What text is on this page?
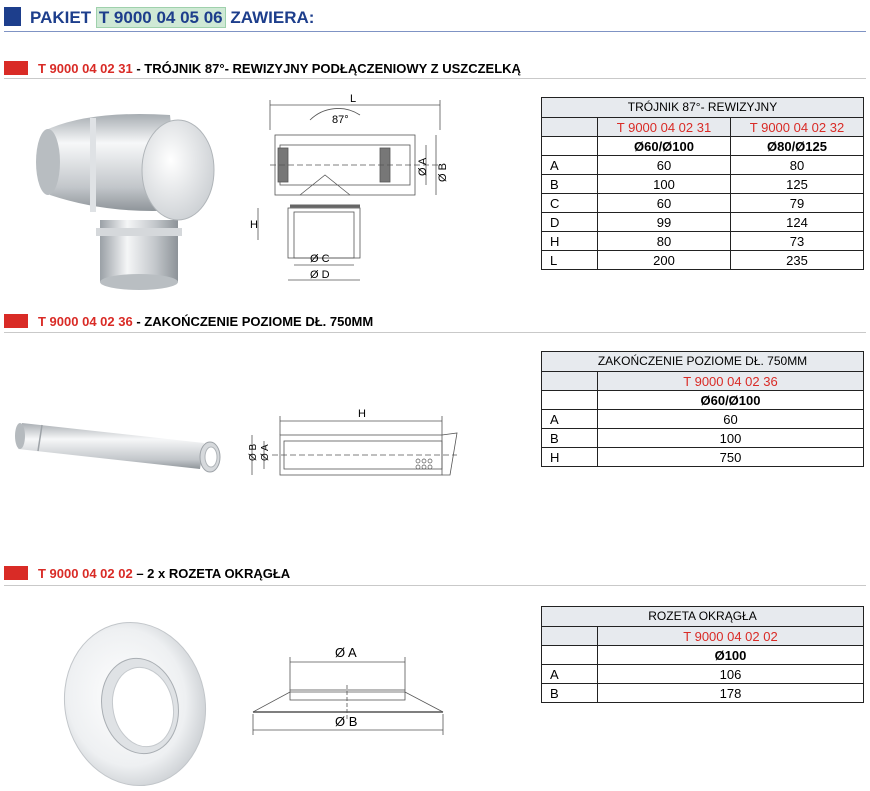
PAKIET T 9000 04 05 06 ZAWIERA:
T 9000 04 02 31 - TRÓJNIK 87°- REWIZYJNY PODŁĄCZENIOWY Z USZCZELKĄ
L
87°
H
Ø A Ø B
Ø C
Ø D
TRÓJNIK 87°- REWIZYJNY		
	T 9000 04 02 31	T 9000 04 02 32
	Ø60/Ø100	Ø80/Ø125
A	60	80
B	100	125
C	60	79
D	99	124
H	80	73
L	200	235
T 9000 04 02 36 - ZAKOŃCZENIE POZIOME DŁ. 750MM
H
Ø B Ø A
ZAKOŃCZENIE POZIOME DŁ. 750MM	
	T 9000 04 02 36
	Ø60/Ø100
A	60
B	100
H	750
T 9000 04 02 02 – 2 x ROZETA OKRĄGŁA
Ø A
Ø B
ROZETA OKRĄGŁA	
	T 9000 04 02 02
	Ø100
A	106
B	178
